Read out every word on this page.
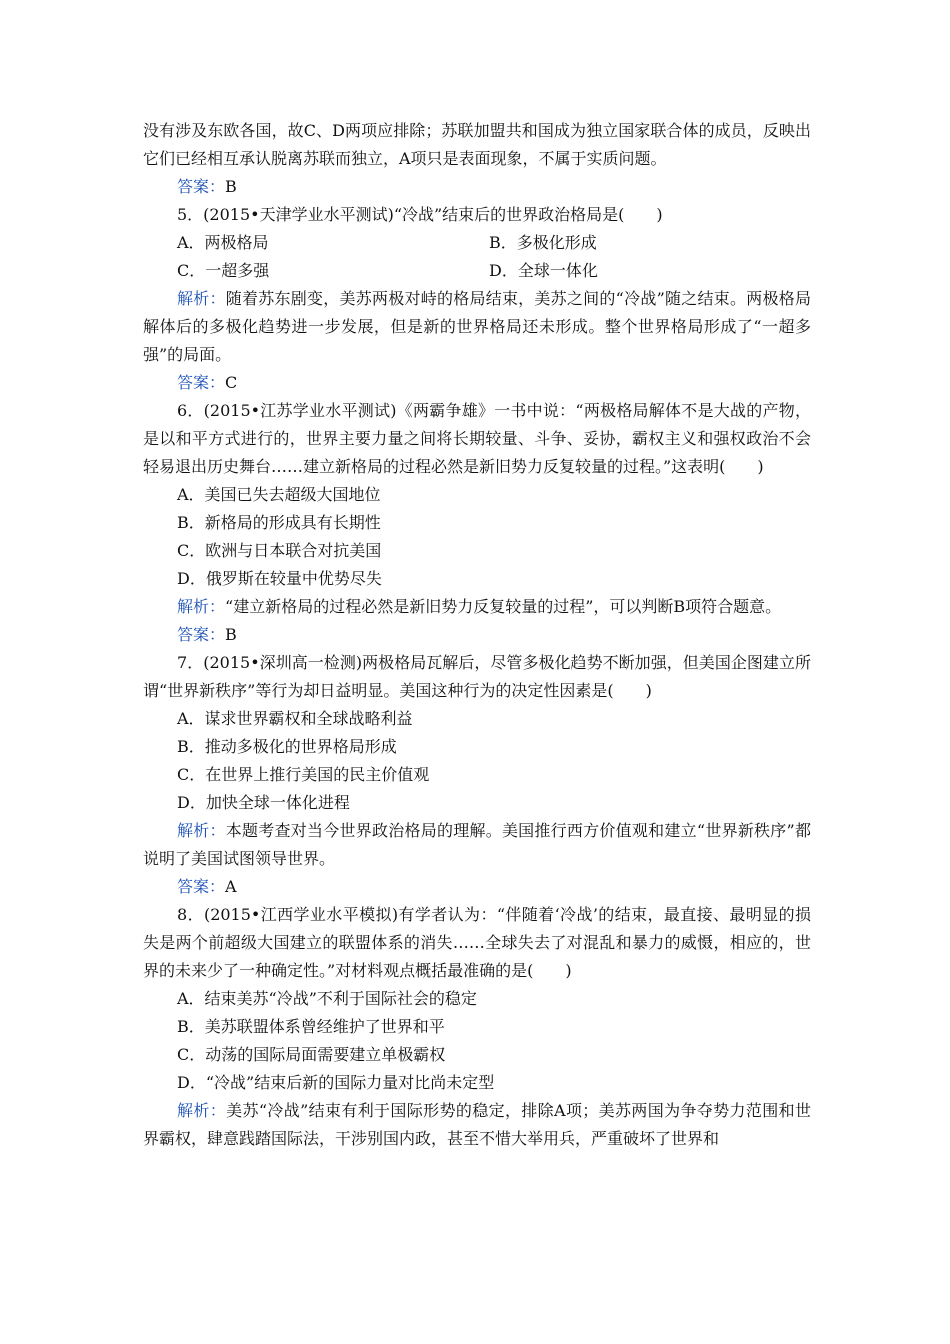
没有涉及东欧各国，故C、D两项应排除；苏联加盟共和国成为独立国家联合体的成员，反映出它们已经相互承认脱离苏联而独立，A项只是表面现象，不属于实质问题。

答案：B

5．(2015•天津学业水平测试)“冷战”结束后的世界政治格局是(　　)

A．两极格局	B．多极化形成
C．一超多强	D．全球一体化

解析：随着苏东剧变，美苏两极对峙的格局结束，美苏之间的“冷战”随之结束。两极格局解体后的多极化趋势进一步发展，但是新的世界格局还未形成。整个世界格局形成了“一超多强”的局面。

答案：C

6．(2015•江苏学业水平测试)《两霸争雄》一书中说：“两极格局解体不是大战的产物，是以和平方式进行的，世界主要力量之间将长期较量、斗争、妥协，霸权主义和强权政治不会轻易退出历史舞台……建立新格局的过程必然是新旧势力反复较量的过程。”这表明(　　)

A．美国已失去超级大国地位

B．新格局的形成具有长期性

C．欧洲与日本联合对抗美国

D．俄罗斯在较量中优势尽失

解析：“建立新格局的过程必然是新旧势力反复较量的过程”，可以判断B项符合题意。

答案：B

7．(2015•深圳高一检测)两极格局瓦解后，尽管多极化趋势不断加强，但美国企图建立所谓“世界新秩序”等行为却日益明显。美国这种行为的决定性因素是(　　)

A．谋求世界霸权和全球战略利益

B．推动多极化的世界格局形成

C．在世界上推行美国的民主价值观

D．加快全球一体化进程

解析：本题考查对当今世界政治格局的理解。美国推行西方价值观和建立“世界新秩序”都说明了美国试图领导世界。

答案：A

8．(2015•江西学业水平模拟)有学者认为：“伴随着‘冷战’的结束，最直接、最明显的损失是两个前超级大国建立的联盟体系的消失……全球失去了对混乱和暴力的威慑，相应的，世界的未来少了一种确定性。”对材料观点概括最准确的是(　　)

A．结束美苏“冷战”不利于国际社会的稳定

B．美苏联盟体系曾经维护了世界和平

C．动荡的国际局面需要建立单极霸权

D．“冷战”结束后新的国际力量对比尚未定型

解析：美苏“冷战”结束有利于国际形势的稳定，排除A项；美苏两国为争夺势力范围和世界霸权，肆意践踏国际法，干涉别国内政，甚至不惜大举用兵，严重破坏了世界和
